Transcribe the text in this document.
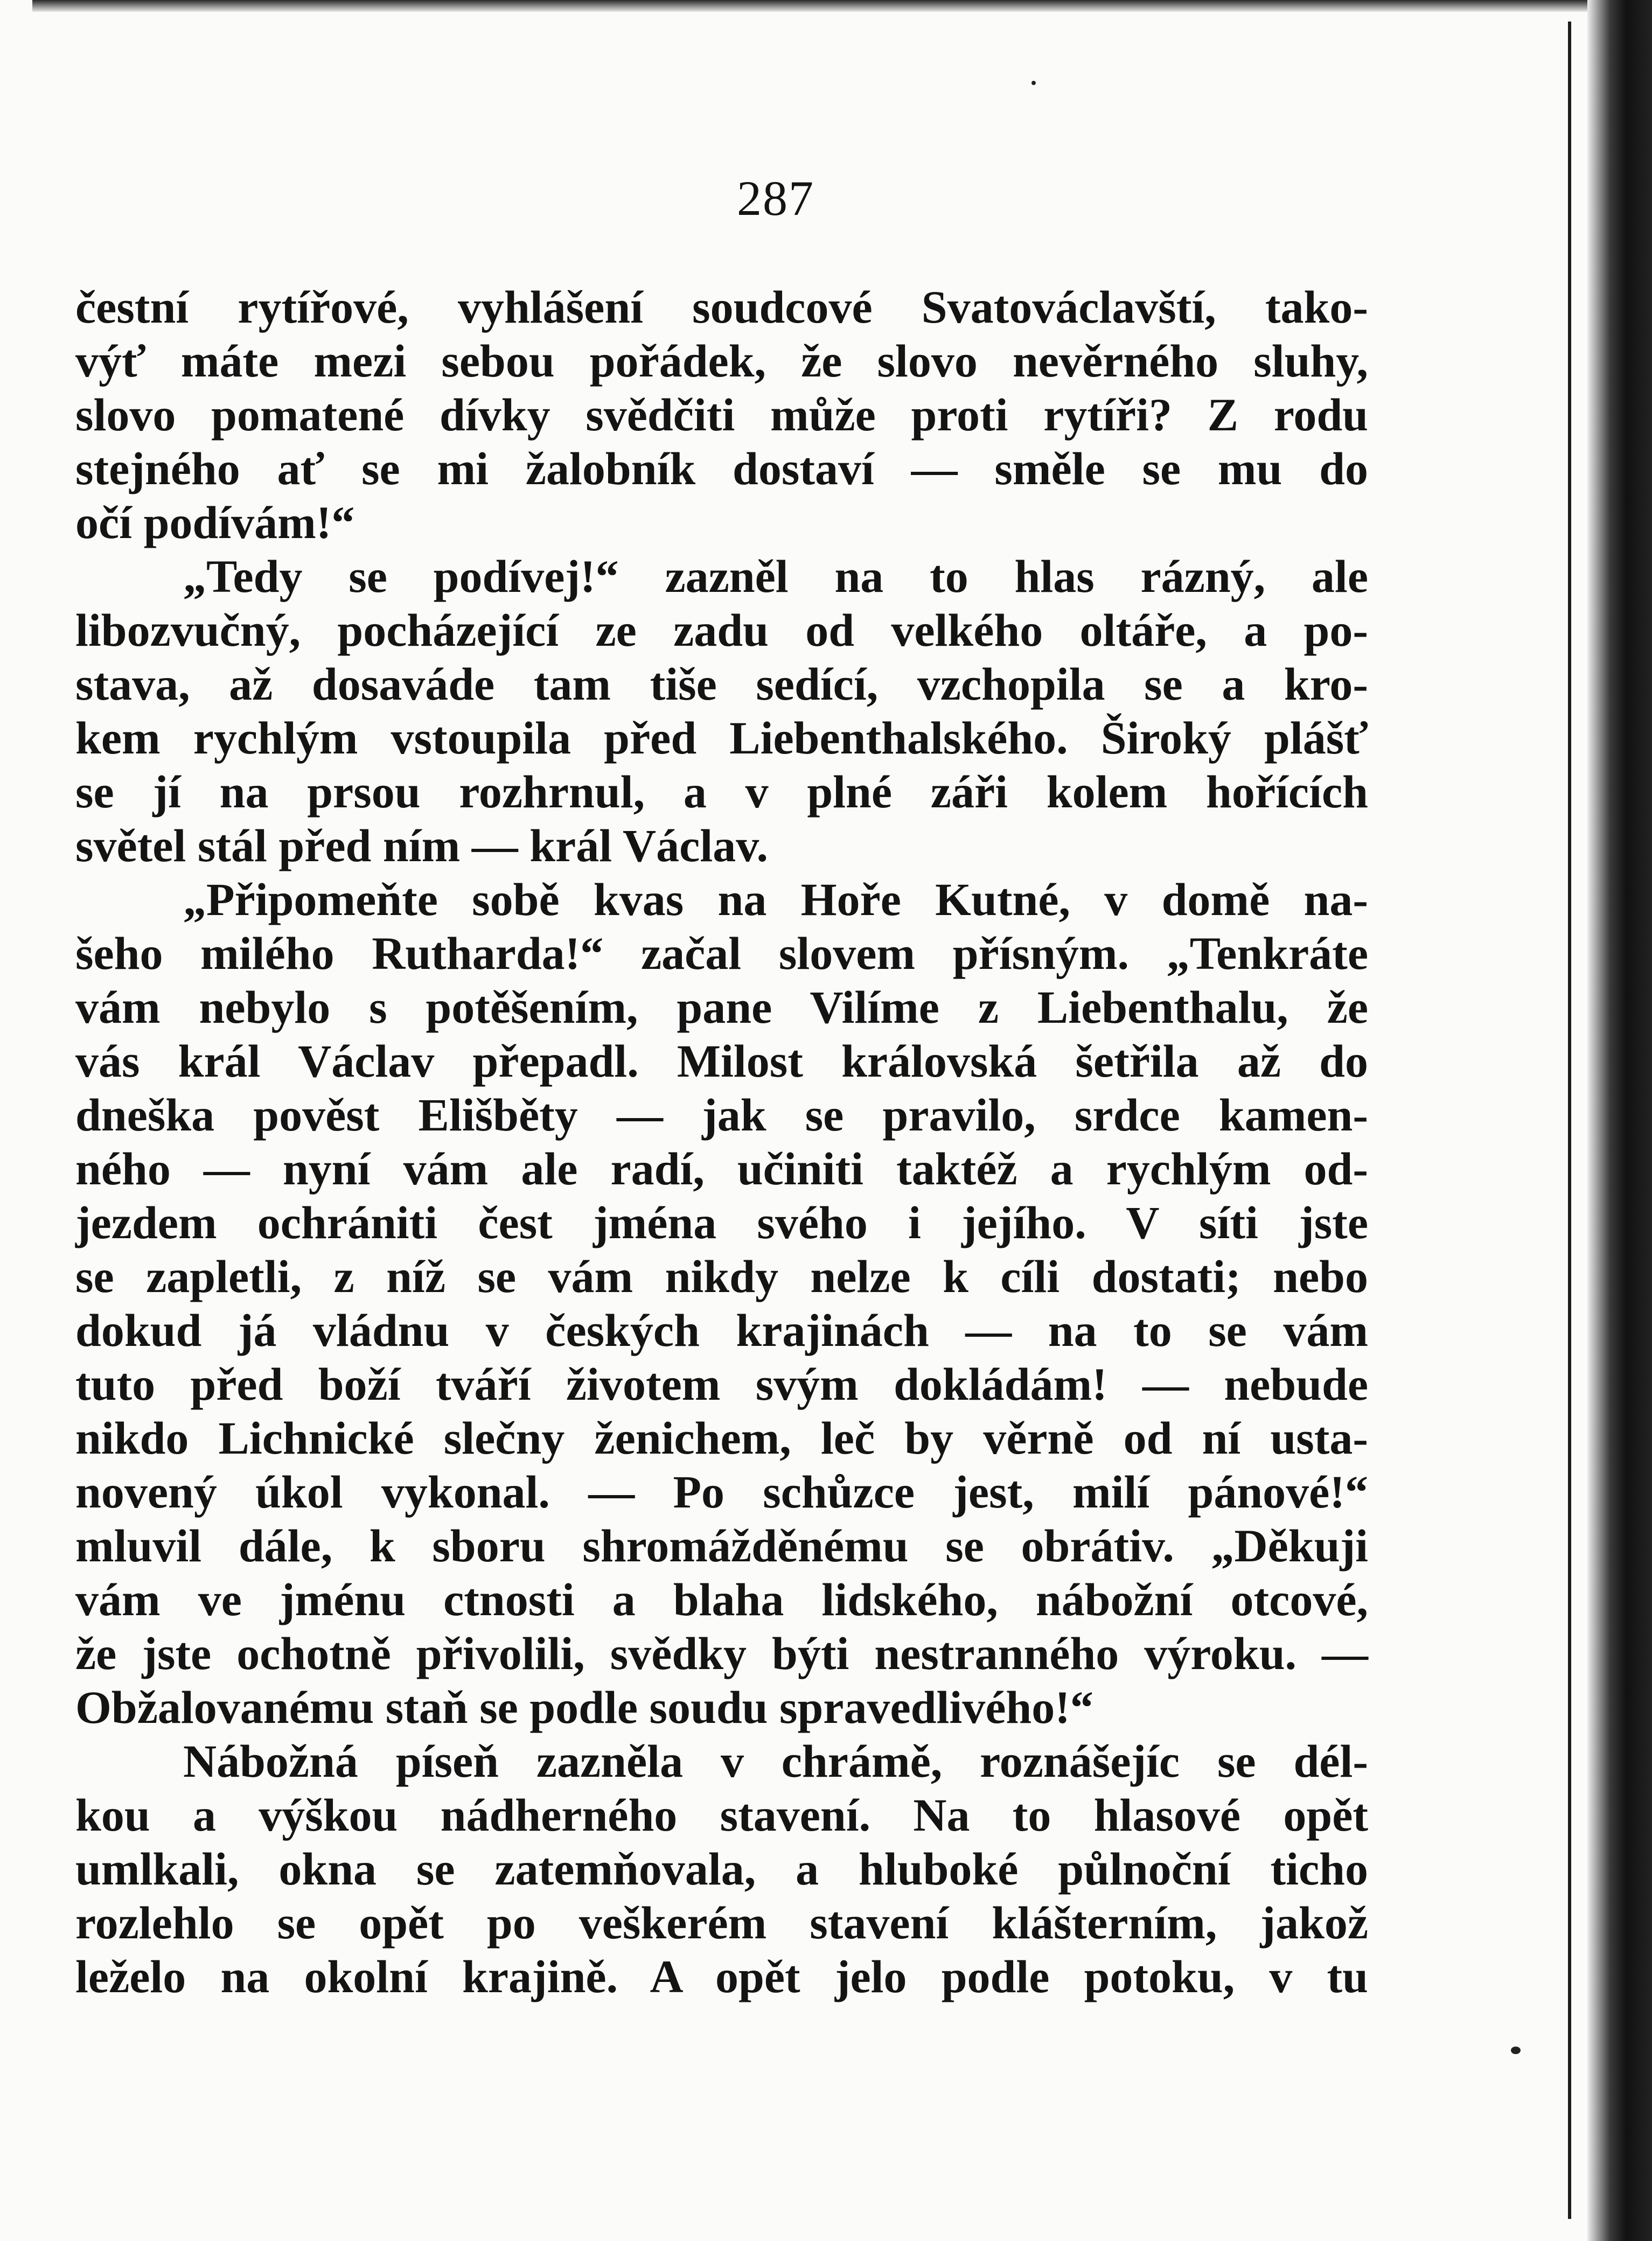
287

čestní rytířové, vyhlášení soudcové Svatováclavští, tako-
výť máte mezi sebou pořádek, že slovo nevěrného sluhy,
slovo pomatené dívky svědčiti může proti rytíři? Z rodu
stejného ať se mi žalobník dostaví — směle se mu do
očí podívám!“

„Tedy se podívej!“ zazněl na to hlas rázný, ale
libozvučný, pocházející ze zadu od velkého oltáře, a po-
stava, až dosaváde tam tiše sedící, vzchopila se a kro-
kem rychlým vstoupila před Liebenthalského. Široký plášť
se jí na prsou rozhrnul, a v plné záři kolem hořících
světel stál před ním — král Václav.

„Připomeňte sobě kvas na Hoře Kutné, v domě na-
šeho milého Rutharda!“ začal slovem přísným. „Tenkráte
vám nebylo s potěšením, pane Vilíme z Liebenthalu, že
vás král Václav přepadl. Milost královská šetřila až do
dneška pověst Elišběty — jak se pravilo, srdce kamen-
ného — nyní vám ale radí, učiniti taktéž a rychlým od-
jezdem ochrániti čest jména svého i jejího. V síti jste
se zapletli, z níž se vám nikdy nelze k cíli dostati; nebo
dokud já vládnu v českých krajinách — na to se vám
tuto před boží tváří životem svým dokládám! — nebude
nikdo Lichnické slečny ženichem, leč by věrně od ní usta-
novený úkol vykonal. — Po schůzce jest, milí pánové!“
mluvil dále, k sboru shromážděnému se obrátiv. „Děkuji
vám ve jménu ctnosti a blaha lidského, nábožní otcové,
že jste ochotně přivolili, svědky býti nestranného výroku. —
Obžalovanému staň se podle soudu spravedlivého!“

Nábožná píseň zazněla v chrámě, roznášejíc se dél-
kou a výškou nádherného stavení. Na to hlasové opět
umlkali, okna se zatemňovala, a hluboké půlnoční ticho
rozlehlo se opět po veškerém stavení klášterním, jakož
leželo na okolní krajině. A opět jelo podle potoku, v tu
